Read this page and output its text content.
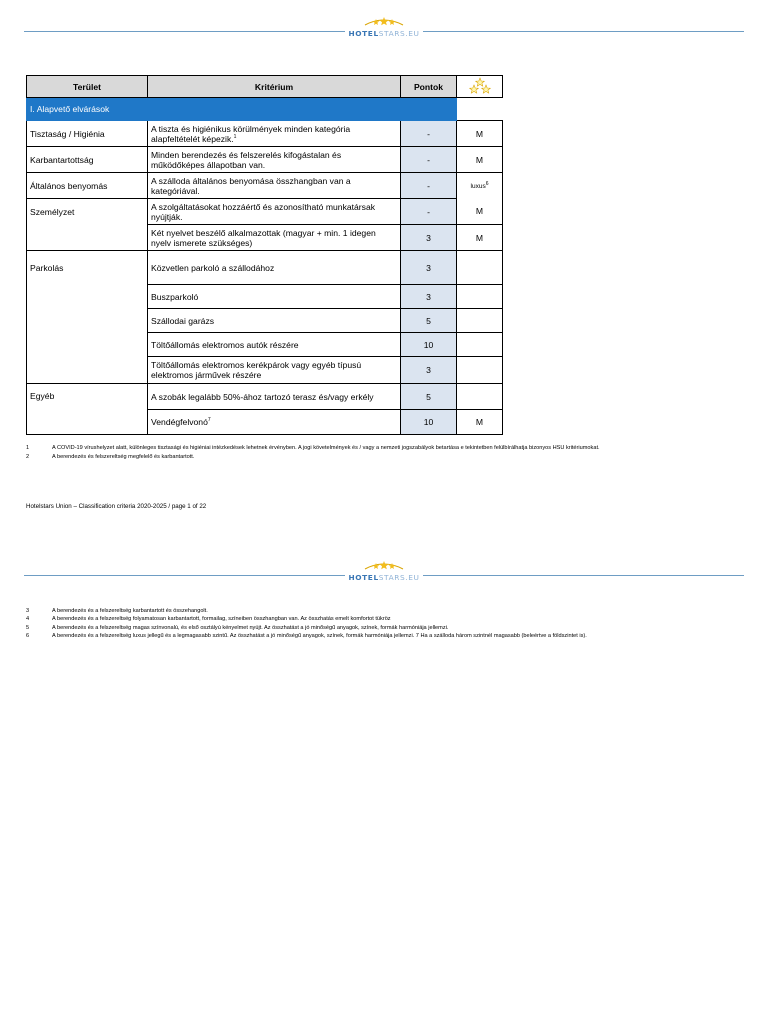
HOTELSTARS.EU
Terület	Kritérium	Pontok	
I. Alapvető elvárások			
Tisztaság / Higiénia	A tiszta és higiénikus körülmények minden kategória alapfeltételét képezik.$^1$	-	M
Karbantartottság	Minden berendezés és felszerelés kifogástalan és működőképes állapotban van.	-	M
Általános benyomás	A szálloda általános benyomása összhangban van a kategóriával.	-	luxus$^6$
Személyzet	A szolgáltatásokat hozzáértő és azonosítható munkatársak nyújtják.	-	M
	Két nyelvet beszélő alkalmazottak (magyar + min. 1 idegen nyelv ismerete szükséges)	3	M
Parkolás	Közvetlen parkoló a szállodához	3	
	Buszparkoló	3	
	Szállodai garázs	5	
	Töltőállomás elektromos autók részére	10	
	Töltőállomás elektromos kerékpárok vagy egyéb típusú elektromos járművek részére	3	
Egyéb	A szobák legalább 50%-ához tartozó terasz és/vagy erkély	5	
	Vendégfelvonó$^7$	10	M
1	A COVID-19 vírushelyzet alatt, különleges tisztasági és higiéniai intézkedések lehetnek érvényben. A jogi követelmények és / vagy a nemzeti jogszabályok betartása e tekintetben felülbírálhatja bizonyos HSU kritériumokat.
2	A berendezés és felszereltség megfelelő és karbantartott.
Hotelstars Union – Classification criteria 2020-2025 / page 1 of 22
HOTELSTARS.EU
3	A berendezés és a felszereltség karbantartott és összehangolt.
4	A berendezés és a felszereltség folyamatosan karbantartott, formailag, színeiben összhangban van. Az összhatás emelt komfortot tükröz
5	A berendezés és a felszereltség magas színvonalú, és első osztályú kényelmet nyújt. Az összhatást a jó minőségű anyagok, színek, formák harmóniája jellemzi.
6	A berendezés és a felszereltség luxus jellegű és a legmagasabb szintű. Az összhatást a jó minőségű anyagok, színek, formák harmóniája jellemzi. 7 Ha a szálloda három szintnél magasabb (beleértve a földszintet is).
